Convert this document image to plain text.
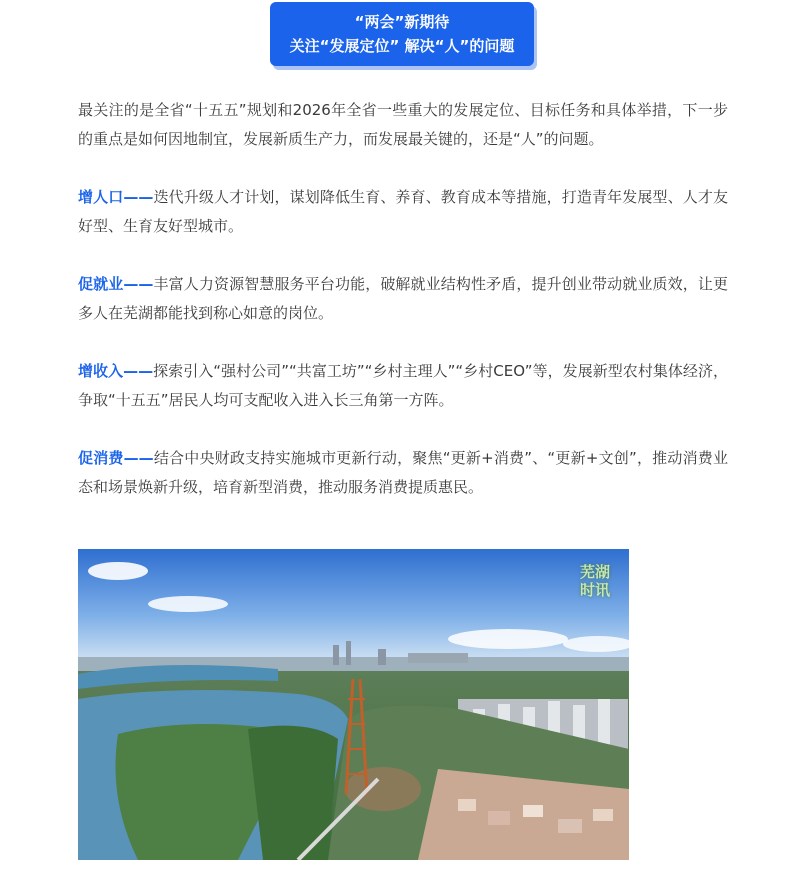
“两会”新期待
关注“发展定位” 解决“人”的问题

最关注的是全省“十五五”规划和2026年全省一些重大的发展定位、目标任务和具体举措，下一步的重点是如何因地制宜，发展新质生产力，而发展最关键的，还是“人”的问题。

增人口——迭代升级人才计划，谋划降低生育、养育、教育成本等措施，打造青年发展型、人才友好型、生育友好型城市。

促就业——丰富人力资源智慧服务平台功能，破解就业结构性矛盾，提升创业带动就业质效，让更多人在芜湖都能找到称心如意的岗位。

增收入——探索引入“强村公司”“共富工坊”“乡村主理人”“乡村CEO”等，发展新型农村集体经济，争取“十五五”居民人均可支配收入进入长三角第一方阵。

促消费——结合中央财政支持实施城市更新行动，聚焦“更新+消费”、“更新+文创”，推动消费业态和场景焕新升级，培育新型消费，推动服务消费提质惠民。

芜湖
时讯
